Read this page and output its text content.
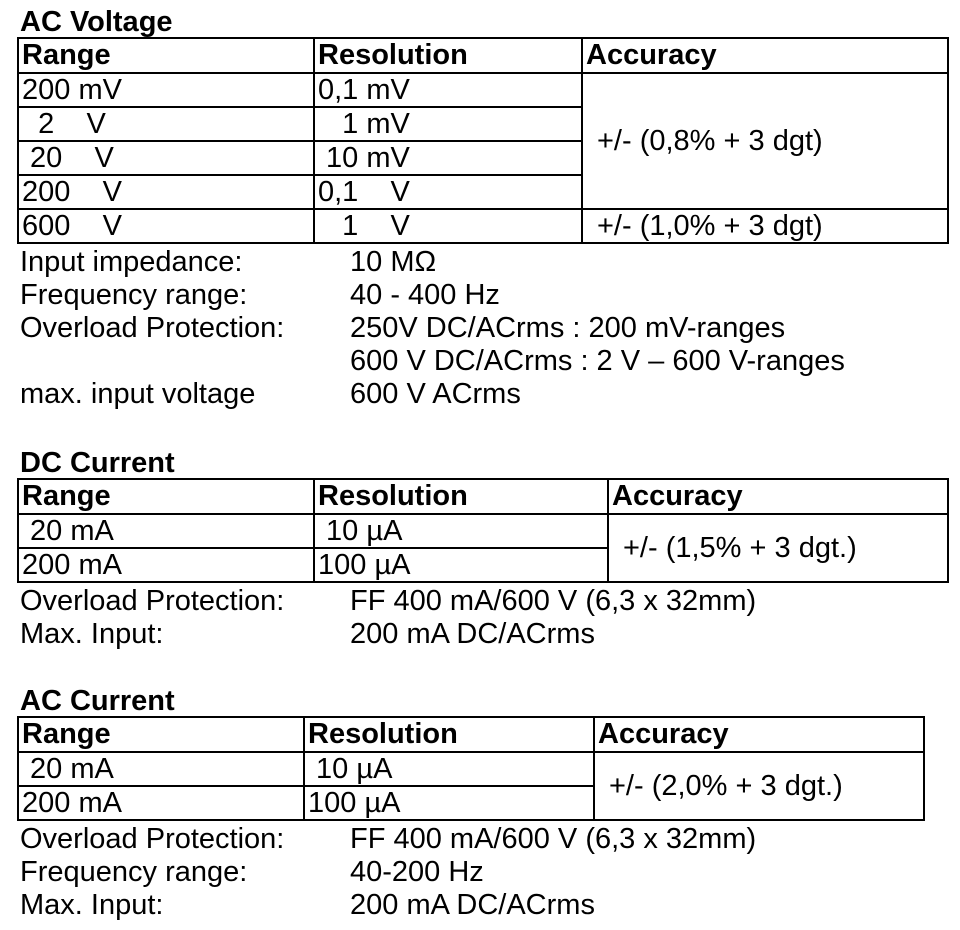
AC Voltage
Range	Resolution	Accuracy
200 mV	0,1 mV	+/- (0,8% + 3 dgt)
2    V	1 mV	
20    V	10 mV	
200    V	0,1    V	
600    V	1    V	+/- (1,0% + 3 dgt)
Input impedance:	10 MΩ
Frequency range:	40 - 400 Hz
Overload Protection:	250V DC/ACrms : 200 mV-ranges
600 V DC/ACrms : 2 V – 600 V-ranges
max. input voltage	600 V ACrms
DC Current
Range	Resolution	Accuracy
20 mA	10 µA	+/- (1,5% + 3 dgt.)
200 mA	100 µA	
Overload Protection:	FF 400 mA/600 V (6,3 x 32mm)
Max. Input:	200 mA DC/ACrms
AC Current
Range	Resolution	Accuracy
20 mA	10 µA	+/- (2,0% + 3 dgt.)
200 mA	100 µA	
Overload Protection:	FF 400 mA/600 V (6,3 x 32mm)
Frequency range:	40-200 Hz
Max. Input:	200 mA DC/ACrms
